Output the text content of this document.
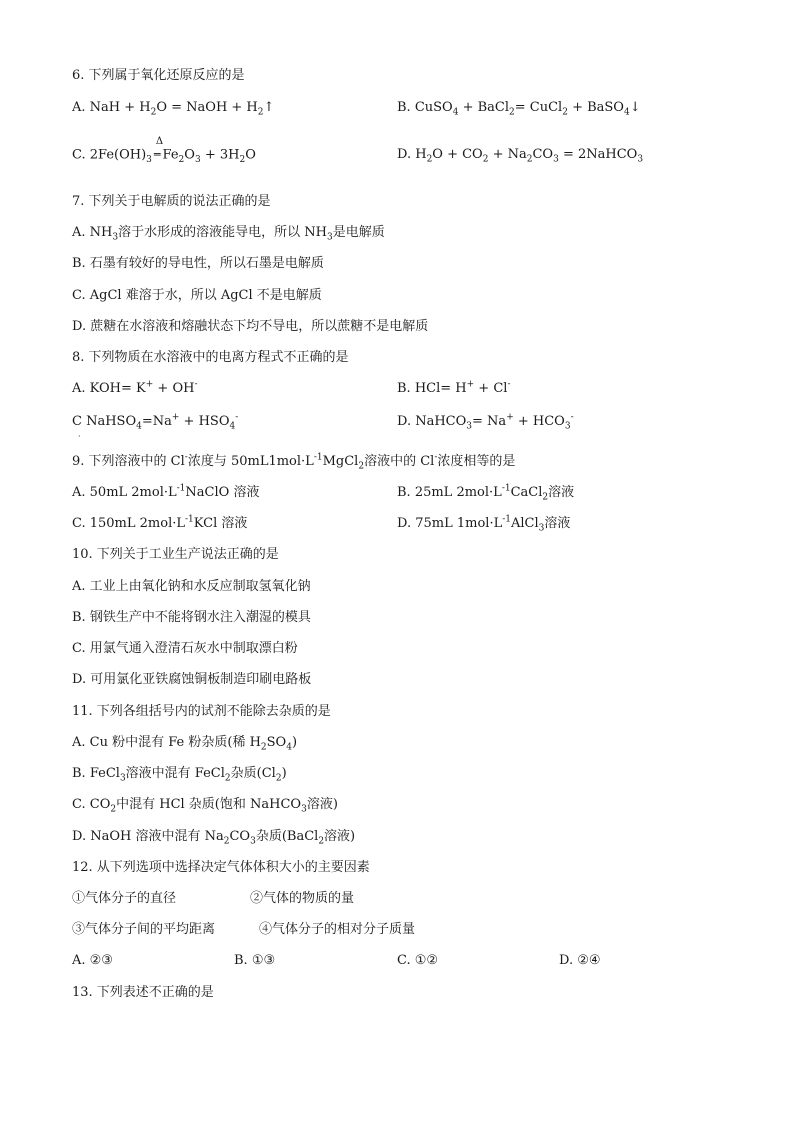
6. 下列属于氧化还原反应的是
A. NaH + $H_2O$ = NaOH + $H_2↑$	B. CuSO$_4$ + BaCl$_2$= CuCl$_2$ + BaSO$_4$↓
C. $2Fe(OH)_3$
Δ
═ $Fe_2O_3 + 3H_2O$	D. $H_2O + CO_2 + Na_2CO_3$ = 2NaHCO$_3$
7. 下列关于电解质的说法正确的是
A. $NH_3$溶于水形成的溶液能导电，所以 $NH_3$是电解质
B. 石墨有较好的导电性，所以石墨是电解质
C. AgCl 难溶于水，所以 AgCl 不是电解质
D. 蔗糖在水溶液和熔融状态下均不导电，所以蔗糖不是电解质
8. 下列物质在水溶液中的电离方程式不正确的是
A. KOH= K+ + OH-	B. HCl= H+ + Cl-
C NaHSO$_4$=Na+ + $HSO_4^-$
·
D. NaHCO$_3$= $Na^+ + HCO_3^-$
9. 下列溶液中的 Cl-浓度与 $50mL1mol\cdot L^{-1}MgCl_2$溶液中的 Cl-浓度相等的是
A. 50mL $2mol\cdot L^{-1}NaClO$ 溶液	B. 25mL $2mol\cdot L^{-1}CaCl_2$溶液
C. 150mL $2mol\cdot L^{-1}KCl$ 溶液	D. 75mL $1mol\cdot L^{-1}AlCl_3$溶液
10. 下列关于工业生产说法正确的是
A. 工业上由氧化钠和水反应制取氢氧化钠
B. 钢铁生产中不能将钢水注入潮湿的模具
C. 用氯气通入澄清石灰水中制取漂白粉
D. 可用氯化亚铁腐蚀铜板制造印刷电路板
11. 下列各组括号内的试剂不能除去杂质的是
A. Cu 粉中混有 Fe 粉杂质(稀 $H_2SO_4$)
B. FeCl$_3$溶液中混有 FeCl$_2$杂质$(Cl_2)$
C. $CO_2$中混有 HCl 杂质(饱和 NaHCO$_3$溶液)
D. NaOH 溶液中混有 $Na_2CO_3$杂质(BaCl$_2$溶液)
12. 从下列选项中选择决定气体体积大小的主要因素
①气体分子的直径	②气体的物质的量
③气体分子间的平均距离	④气体分子的相对分子质量
A. ②③	B. ①③	C. ①②	D. ②④
13. 下列表述不正确的是
